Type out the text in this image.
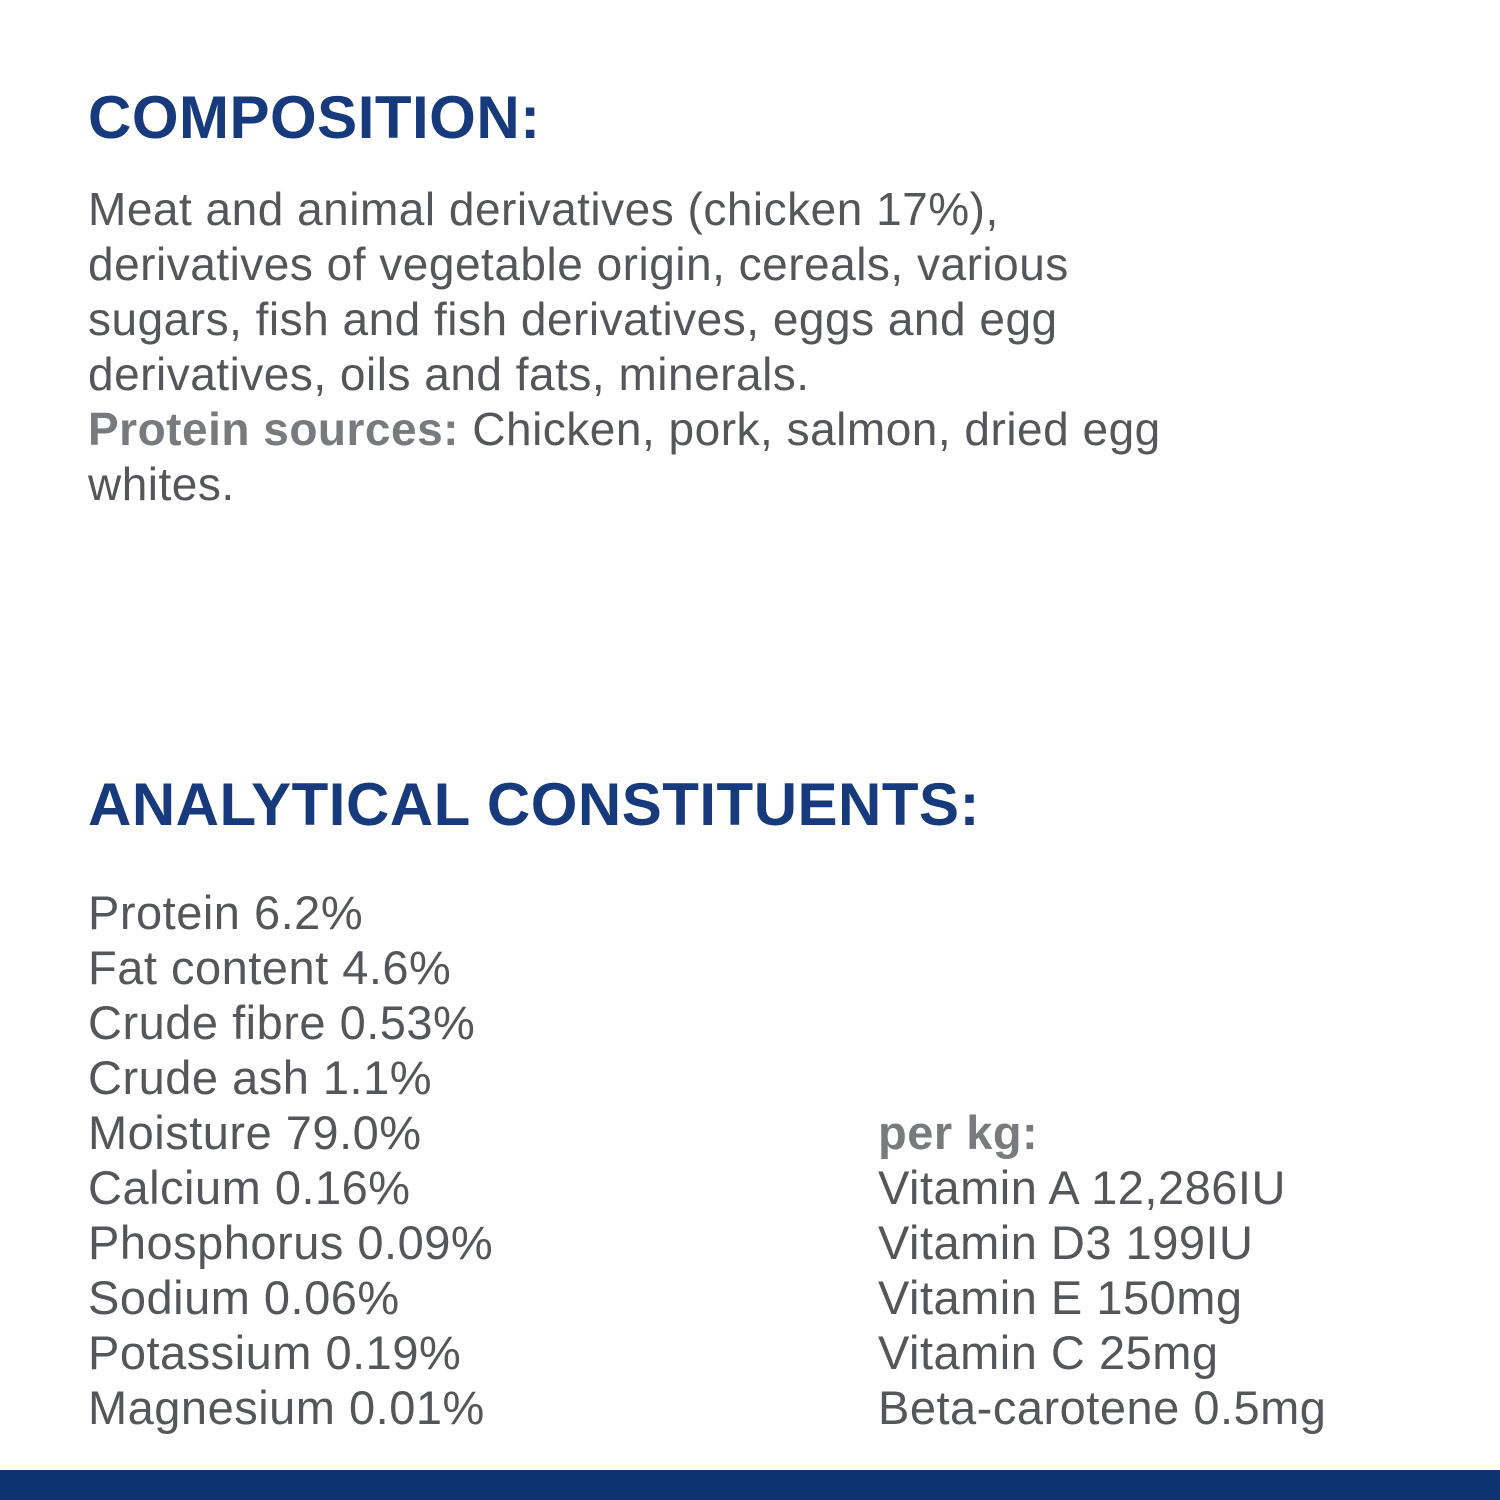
COMPOSITION:
Meat and animal derivatives (chicken 17%),
derivatives of vegetable origin, cereals, various
sugars, fish and fish derivatives, eggs and egg
derivatives, oils and fats, minerals.
Protein sources: Chicken, pork, salmon, dried egg
whites.
ANALYTICAL CONSTITUENTS:
Protein 6.2%
Fat content 4.6%
Crude fibre 0.53%
Crude ash 1.1%
Moisture 79.0%
Calcium 0.16%
Phosphorus 0.09%
Sodium 0.06%
Potassium 0.19%
Magnesium 0.01%
per kg:
Vitamin A 12,286IU
Vitamin D3 199IU
Vitamin E 150mg
Vitamin C 25mg
Beta-carotene 0.5mg
